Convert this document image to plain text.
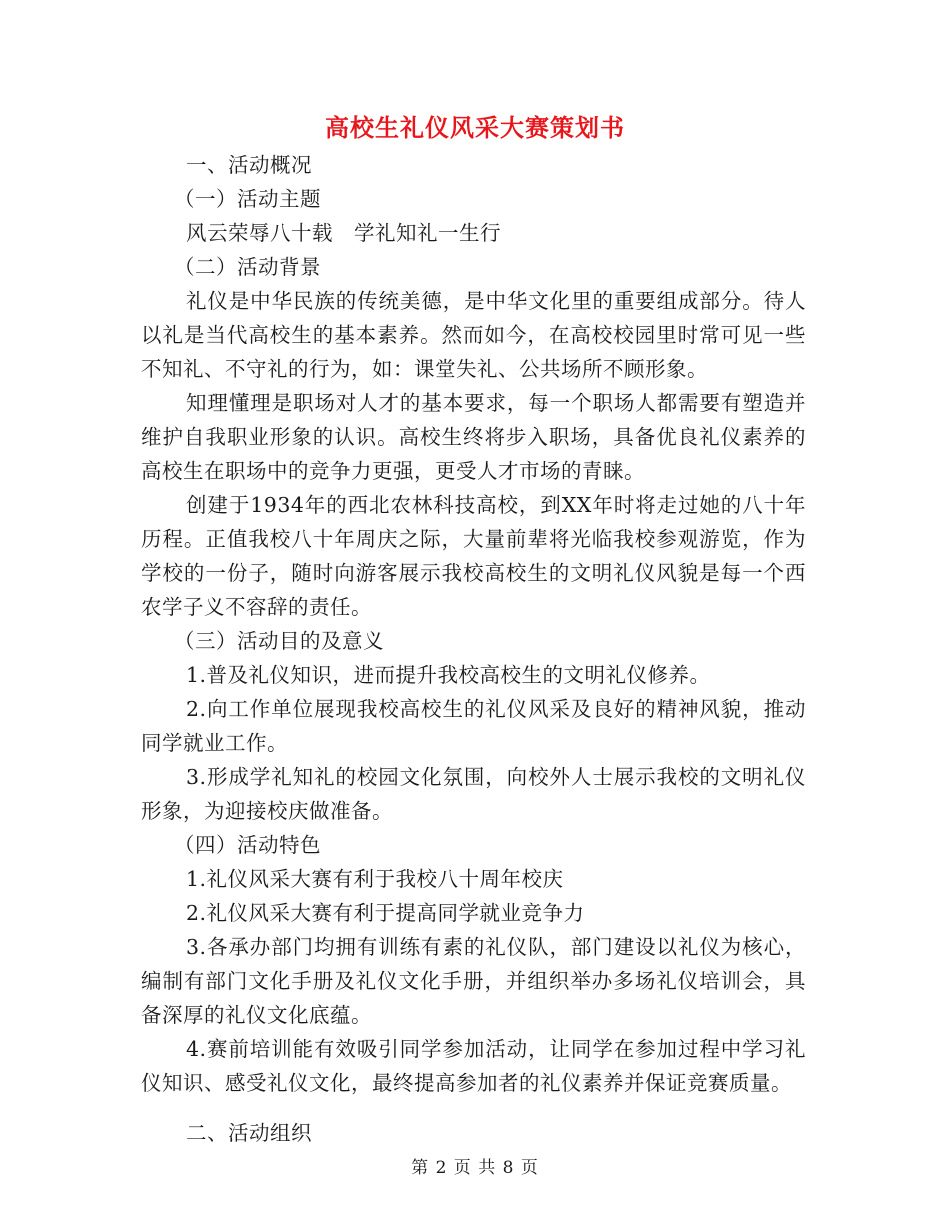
高校生礼仪风采大赛策划书

一、活动概况

（一）活动主题

风云荣辱八十载　学礼知礼一生行

（二）活动背景

礼仪是中华民族的传统美德，是中华文化里的重要组成部分。待人以礼是当代高校生的基本素养。然而如今，在高校校园里时常可见一些不知礼、不守礼的行为，如：课堂失礼、公共场所不顾形象。

知理懂理是职场对人才的基本要求，每一个职场人都需要有塑造并维护自我职业形象的认识。高校生终将步入职场，具备优良礼仪素养的高校生在职场中的竞争力更强，更受人才市场的青睐。

创建于1934年的西北农林科技高校，到XX年时将走过她的八十年历程。正值我校八十年周庆之际，大量前辈将光临我校参观游览，作为学校的一份子，随时向游客展示我校高校生的文明礼仪风貌是每一个西农学子义不容辞的责任。

（三）活动目的及意义

1.普及礼仪知识，进而提升我校高校生的文明礼仪修养。

2.向工作单位展现我校高校生的礼仪风采及良好的精神风貌，推动同学就业工作。

3.形成学礼知礼的校园文化氛围，向校外人士展示我校的文明礼仪形象，为迎接校庆做准备。

（四）活动特色

1.礼仪风采大赛有利于我校八十周年校庆

2.礼仪风采大赛有利于提高同学就业竞争力

3.各承办部门均拥有训练有素的礼仪队，部门建设以礼仪为核心，编制有部门文化手册及礼仪文化手册，并组织举办多场礼仪培训会，具备深厚的礼仪文化底蕴。

4.赛前培训能有效吸引同学参加活动，让同学在参加过程中学习礼仪知识、感受礼仪文化，最终提高参加者的礼仪素养并保证竞赛质量。

二、活动组织

第 2 页 共 8 页
